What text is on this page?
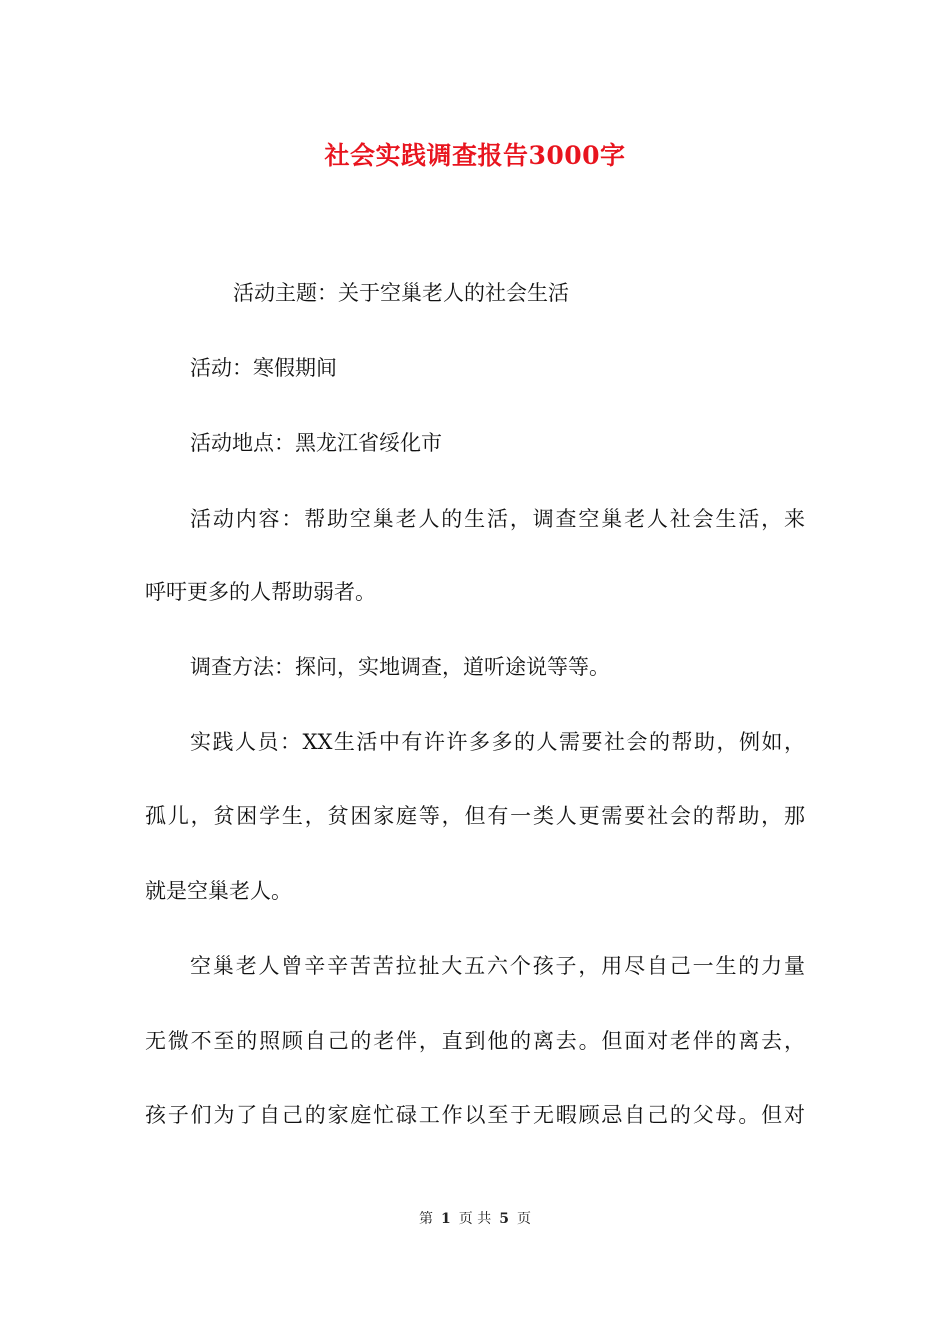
社会实践调查报告3000字
活动主题：关于空巢老人的社会生活
活动：寒假期间
活动地点：黑龙江省绥化市
活动内容：帮助空巢老人的生活，调查空巢老人社会生活，来
呼吁更多的人帮助弱者。
调查方法：探问，实地调查，道听途说等等。
实践人员：XX生活中有许许多多的人需要社会的帮助，例如，
孤儿，贫困学生，贫困家庭等，但有一类人更需要社会的帮助，那
就是空巢老人。
空巢老人曾辛辛苦苦拉扯大五六个孩子，用尽自己一生的力量
无微不至的照顾自己的老伴，直到他的离去。但面对老伴的离去，
孩子们为了自己的家庭忙碌工作以至于无暇顾忌自己的父母。但对
第 1 页 共 5 页
